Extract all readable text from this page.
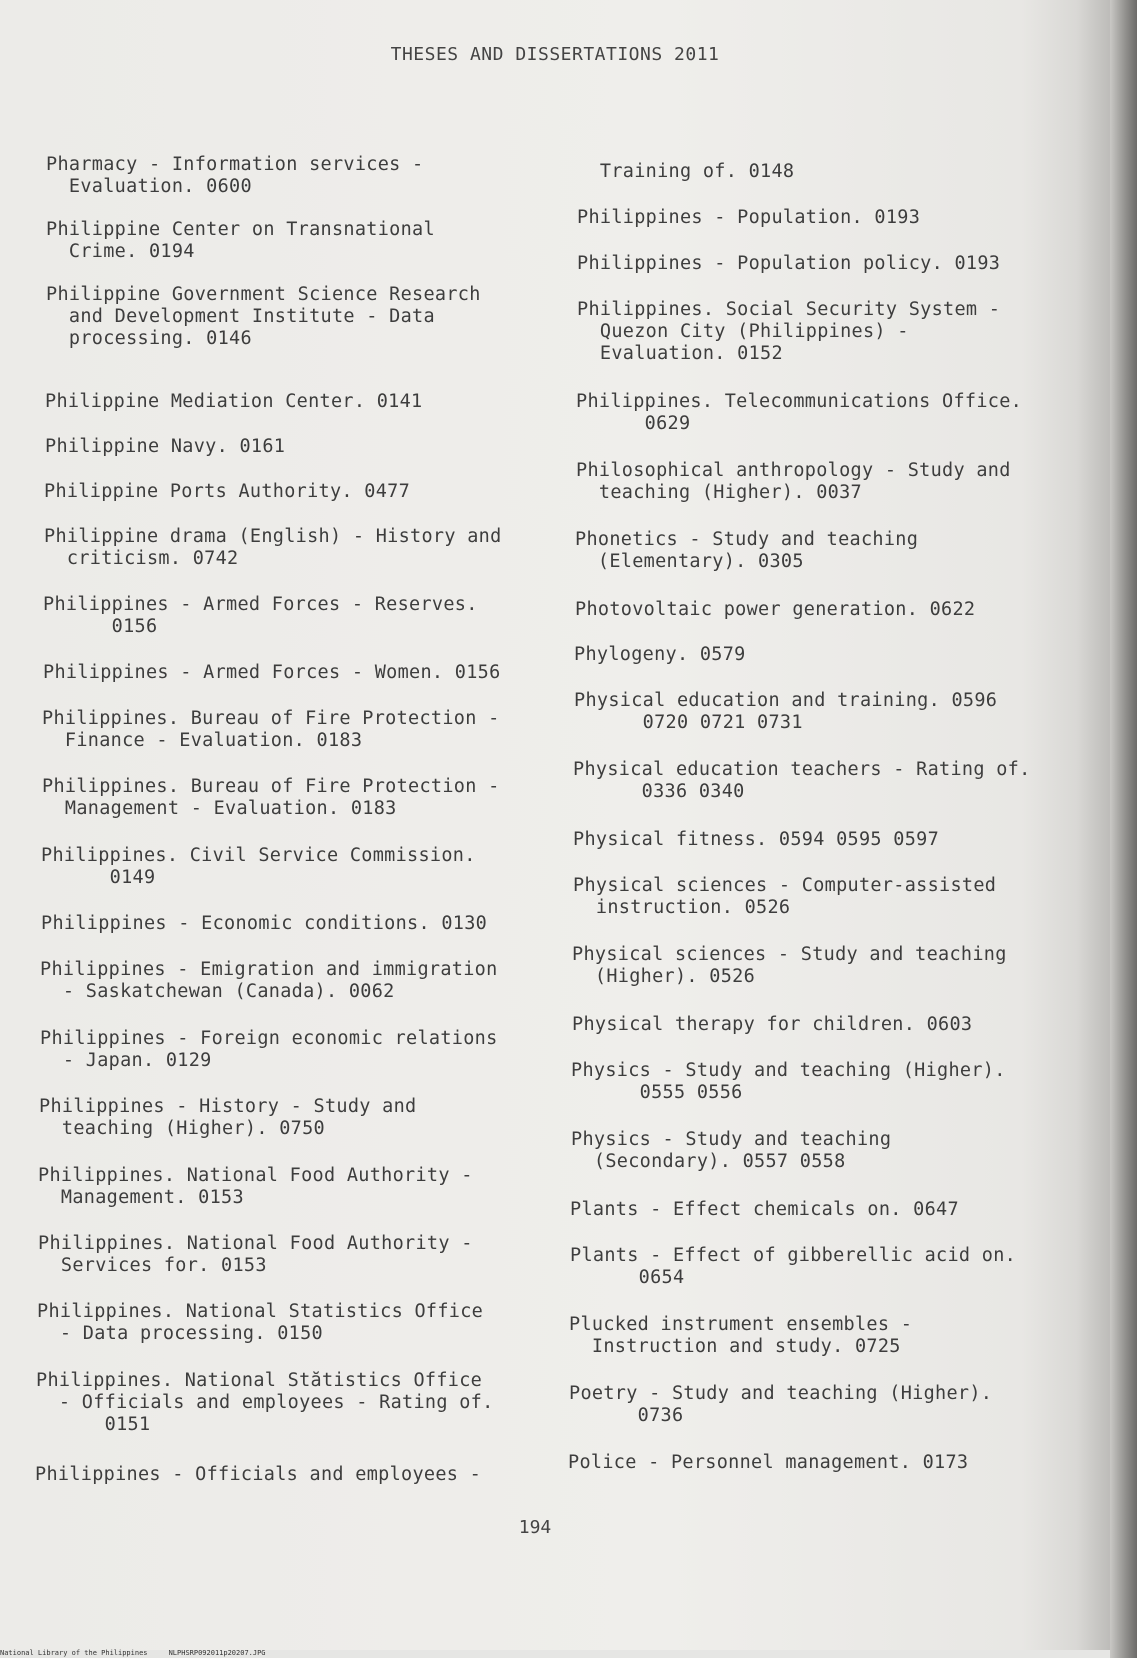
THESES AND DISSERTATIONS 2011
Pharmacy - Information services -
Evaluation. 0600
Philippine Center on Transnational
Crime. 0194
Philippine Government Science Research
and Development Institute - Data
processing. 0146
Philippine Mediation Center. 0141
Philippine Navy. 0161
Philippine Ports Authority. 0477
Philippine drama (English) - History and
criticism. 0742
Philippines - Armed Forces - Reserves.
0156
Philippines - Armed Forces - Women. 0156
Philippines. Bureau of Fire Protection -
Finance - Evaluation. 0183
Philippines. Bureau of Fire Protection -
Management - Evaluation. 0183
Philippines. Civil Service Commission.
0149
Philippines - Economic conditions. 0130
Philippines - Emigration and immigration
- Saskatchewan (Canada). 0062
Philippines - Foreign economic relations
- Japan. 0129
Philippines - History - Study and
teaching (Higher). 0750
Philippines. National Food Authority -
Management. 0153
Philippines. National Food Authority -
Services for. 0153
Philippines. National Statistics Office
- Data processing. 0150
Philippines. National Stătistics Office
- Officials and employees - Rating of.
0151
Philippines - Officials and employees -
Training of. 0148
Philippines - Population. 0193
Philippines - Population policy. 0193
Philippines. Social Security System -
Quezon City (Philippines) -
Evaluation. 0152
Philippines. Telecommunications Office.
0629
Philosophical anthropology - Study and
teaching (Higher). 0037
Phonetics - Study and teaching
(Elementary). 0305
Photovoltaic power generation. 0622
Phylogeny. 0579
Physical education and training. 0596
0720 0721 0731
Physical education teachers - Rating of.
0336 0340
Physical fitness. 0594 0595 0597
Physical sciences - Computer-assisted
instruction. 0526
Physical sciences - Study and teaching
(Higher). 0526
Physical therapy for children. 0603
Physics - Study and teaching (Higher).
0555 0556
Physics - Study and teaching
(Secondary). 0557 0558
Plants - Effect chemicals on. 0647
Plants - Effect of gibberellic acid on.
0654
Plucked instrument ensembles -
Instruction and study. 0725
Poetry - Study and teaching (Higher).
0736
Police - Personnel management. 0173
194
National Library of the Philippines	NLPHSRP092011p20207.JPG
